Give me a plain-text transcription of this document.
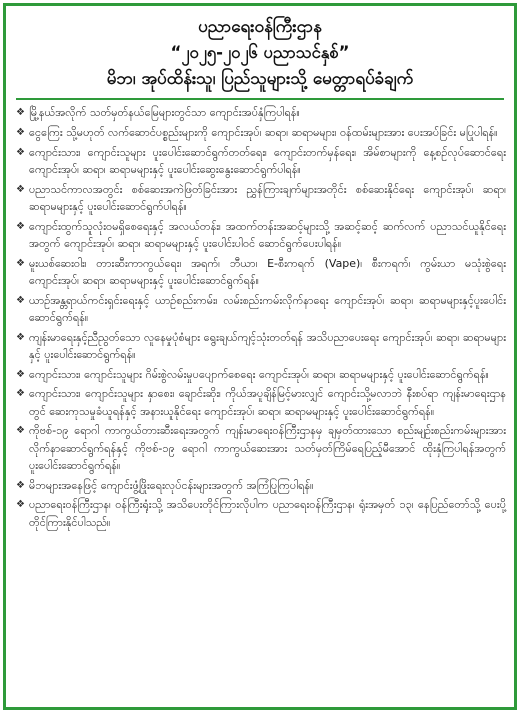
ပညာရေးဝန်ကြီးဌာန
“၂၀၂၅-၂၀၂၆ ပညာသင်နှစ်”
မိဘ၊ အုပ်ထိန်းသူ၊ ပြည်သူများသို့ မေတ္တာရပ်ခံချက်
❖ မြို့နယ်အလိုက် သတ်မှတ်နယ်မြေများတွင်သာ ကျောင်းအပ်နှံကြပါရန်။
❖ ငွေကြေး သို့မဟုတ် လက်ဆောင်ပစ္စည်းများကို ကျောင်းအုပ်၊ ဆရာ၊ ဆရာမများ၊ ဝန်ထမ်းများအား ပေးအပ်ခြင်း မပြုပါရန်။
❖ ကျောင်းသား၊ ကျောင်းသူများ ပူးပေါင်းဆောင်ရွက်တတ်ရေး၊ ကျောင်းတက်မှန်ရေး၊ အိမ်စာများကို နေ့စဉ်လုပ်ဆောင်ရေး ကျောင်းအုပ်၊ ဆရာ၊ ဆရာမများနှင့် ပူးပေါင်းဆွေးနွေးဆောင်ရွက်ပါရန်။
❖ ပညာသင်ကာလအတွင်း စစ်ဆေးအကဲဖြတ်ခြင်းအား ညွှန်ကြားချက်များအတိုင်း စစ်ဆေးနိုင်ရေး ကျောင်းအုပ်၊ ဆရာ၊ ဆရာမများနှင့် ပူးပေါင်းဆောင်ရွက်ပါရန်။
❖ ကျောင်းထွက်သူလုံးဝမရှိစေရေးနှင့် အလယ်တန်း၊ အထက်တန်းအဆင့်များသို့ အဆင့်ဆင့် ဆက်လက် ပညာသင်ယူနိုင်ရေးအတွက် ကျောင်းအုပ်၊ ဆရာ၊ ဆရာမများနှင့် ပူးပေါင်းပါဝင် ဆောင်ရွက်ပေးပါရန်။
❖ မူးယစ်ဆေးဝါး၊ တားဆီးကာကွယ်ရေး၊ အရက်၊ ဘီယာ၊ E-စီးကရက် (Vape)၊ စီးကရက်၊ ကွမ်းယာ မသုံးစွဲရေး ကျောင်းအုပ်၊ ဆရာ၊ ဆရာမများနှင့် ပူးပေါင်းဆောင်ရွက်ရန်။
❖ ယာဉ်အန္တရာယ်ကင်းရှင်းရေးနှင့် ယာဉ်စည်းကမ်း၊ လမ်းစည်းကမ်းလိုက်နာရေး ကျောင်းအုပ်၊ ဆရာ၊ ဆရာမများနှင့်ပူးပေါင်းဆောင်ရွက်ရန်။
❖ ကျန်းမာရေးနှင့်ညီညွတ်သော လူနေမှုပုံစံများ ရွေးချယ်ကျင့်သုံးတတ်ရန် အသိပညာပေးရေး ကျောင်းအုပ်၊ ဆရာ၊ ဆရာမများနှင့် ပူးပေါင်းဆောင်ရွက်ရန်။
❖ ကျောင်းသား၊ ကျောင်းသူများ ဂိမ်းစွဲလမ်းမှုပပျောက်စေရေး ကျောင်းအုပ်၊ ဆရာ၊ ဆရာမများနှင့် ပူးပေါင်းဆောင်ရွက်ရန်။
❖ ကျောင်းသား၊ ကျောင်းသူများ နှာစေး၊ ချောင်းဆိုး၊ ကိုယ်အပူချိန်မြင့်မားလျှင် ကျောင်းသို့မလာဘဲ နီးစပ်ရာ ကျန်းမာရေးဌာနတွင် ဆေးကုသမှုခံယူရန်နှင့် အနားယူနိုင်ရေး ကျောင်းအုပ်၊ ဆရာ၊ ဆရာမများနှင့် ပူးပေါင်းဆောင်ရွက်ရန်။
❖ ကိုဗစ်-၁၉ ရောဂါ ကာကွယ်တားဆီးရေးအတွက် ကျန်းမာရေးဝန်ကြီးဌာနမှ ချမှတ်ထားသော စည်းမျဉ်းစည်းကမ်းများအား လိုက်နာဆောင်ရွက်ရန်နှင့် ကိုဗစ်-၁၉ ရောဂါ ကာကွယ်ဆေးအား သတ်မှတ်ကြိမ်ရေပြည့်မီအောင် ထိုးနှံကြပါရန်အတွက် ပူးပေါင်းဆောင်ရွက်ရန်။
❖ မိဘများအနေဖြင့် ကျောင်းဖွံ့ဖြိုးရေးလုပ်ငန်းများအတွက် အကြံပြုကြပါရန်။
❖ ပညာရေးဝန်ကြီးဌာန၊ ဝန်ကြီးရုံးသို့ အသိပေးတိုင်ကြားလိုပါက ပညာရေးဝန်ကြီးဌာန၊ ရုံးအမှတ် ၁၃၊ နေပြည်တော်သို့ ပေးပို့တိုင်ကြားနိုင်ပါသည်။
